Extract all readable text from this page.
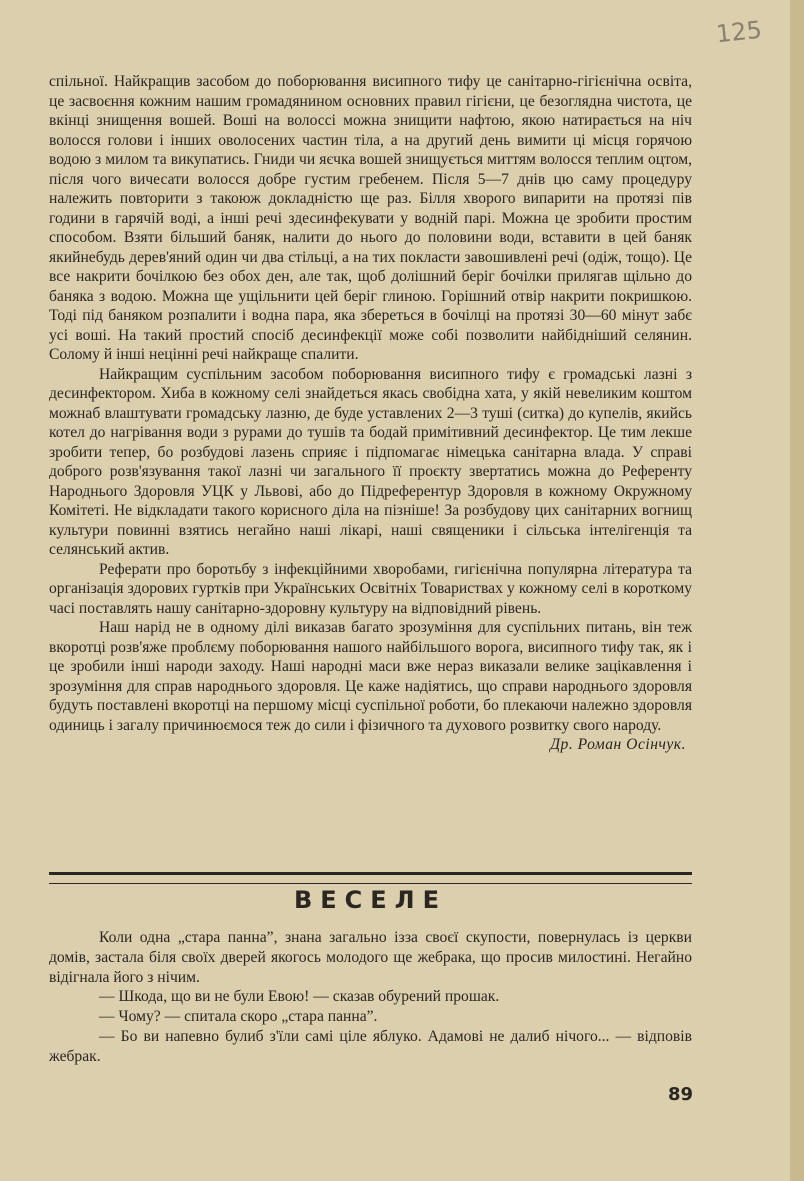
125

спільної. Найкращив засобом до поборювання висипного тифу це санітарно-гігієнічна освіта, це засвоєння кожним нашим громадянином основних правил гігієни, це безоглядна чистота, це вкінці знищення вошей. Воші на волоссі можна знищити нафтою, якою натирається на ніч волосся голови і інших оволосених частин тіла, а на другий день вимити ці місця горячою водою з милом та викупатись. Гниди чи яєчка вошей знищується миттям волосся теплим оцтом, після чого вичесати волосся добре густим гребенем. Після 5—7 днів цю саму процедуру належить повторити з такоюж докладністю ще раз. Білля хворого випарити на протязі пів години в гарячій воді, а інші речі здесинфекувати у водній парі. Можна це зробити простим способом. Взяти більший баняк, налити до нього до половини води, вставити в цей баняк якийнебудь дерев'яний один чи два стільці, а на тих покласти завошивлені речі (одіж, тощо). Це все накрити бочілкою без обох ден, але так, щоб долішний беріг бочілки прилягав щільно до баняка з водою. Можна ще ущільнити цей беріг глиною. Горішний отвір накрити покришкою. Тоді під баняком розпалити і водна пара, яка збереться в бочілці на протязі 30—60 мінут забє усі воші. На такий простий спосіб десинфекції може собі позволити найбідніший селянин. Солому й інші нецінні речі найкраще спалити.

Найкращим суспільним засобом поборювання висипного тифу є громадські лазні з десинфектором. Хиба в кожному селі знайдеться якась свобідна хата, у якій невеликим коштом можнаб влаштувати громадську лазню, де буде уставлених 2—3 туші (ситка) до купелів, якийсь котел до нагрівання води з рурами до тушів та бодай примітивний десинфектор. Це тим лекше зробити тепер, бо розбудові лазень сприяє і підпомагає німецька санітарна влада. У справі доброго розв'язування такої лазні чи загального її проєкту звертатись можна до Референту Народнього Здоровля УЦК у Львові, або до Підреферентур Здоровля в кожному Окружному Комітеті. Не відкладати такого корисного діла на пізніше! За розбудову цих санітарних вогнищ культури повинні взятись негайно наші лікарі, наші священики і сільська інтелігенція та селянський актив.

Реферати про боротьбу з інфекційними хворобами, гигієнічна популярна література та організація здорових гуртків при Українських Освітніх Товариствах у кожному селі в короткому часі поставлять нашу санітарно-здоровну культуру на відповідний рівень.

Наш нарід не в одному ділі виказав багато зрозуміння для суспільних питань, він теж вкоротці розв'яже проблєму поборювання нашого найбільшого ворога, висипного тифу так, як і це зробили інші народи заходу. Наші народні маси вже нераз виказали велике зацікавлення і зрозуміння для справ народнього здоровля. Це каже надіятись, що справи народнього здоровля будуть поставлені вкоротці на першому місці суспільної роботи, бо плекаючи належно здоровля одиниць і загалу причинюємося теж до сили і фізичного та духового розвитку свого народу.

Др. Роман Осінчук.

ВЕСЕЛЕ

Коли одна „стара панна”, знана загально ізза своєї скупости, повернулась із церкви домів, застала біля своїх дверей якогось молодого ще жебрака, що просив милостині. Негайно відігнала його з нічим.

— Шкода, що ви не були Евою! — сказав обурений прошак.

— Чому? — спитала скоро „стара панна”.

— Бо ви напевно булиб з'їли самі ціле яблуко. Адамові не далиб нічого... — відповів жебрак.

89
